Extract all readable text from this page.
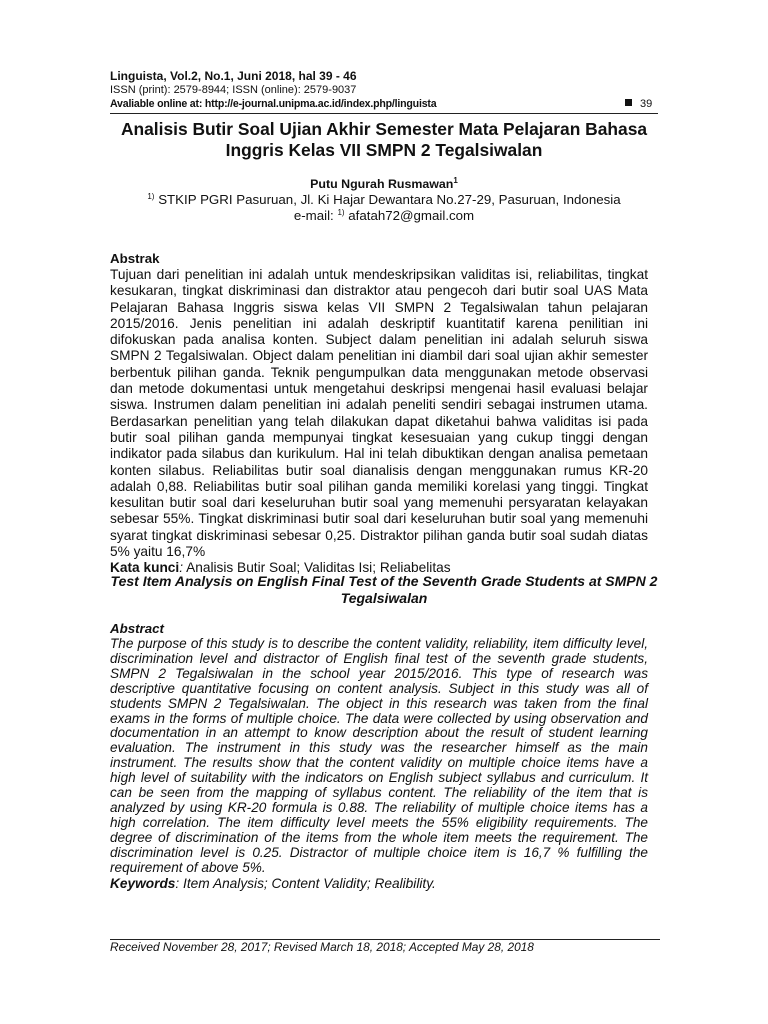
Linguista, Vol.2, No.1, Juni 2018, hal 39 - 46
ISSN (print): 2579-8944; ISSN (online): 2579-9037
Avaliable online at: http://e-journal.unipma.ac.id/index.php/linguista	39
Analisis Butir Soal Ujian Akhir Semester Mata Pelajaran Bahasa Inggris Kelas VII SMPN 2 Tegalsiwalan
Putu Ngurah Rusmawan$^1$
$^{1)}$ STKIP PGRI Pasuruan, Jl. Ki Hajar Dewantara No.27-29, Pasuruan, Indonesia
e-mail: $^{1)}$ afatah72@gmail.com
Abstrak

Tujuan dari penelitian ini adalah untuk mendeskripsikan validitas isi, reliabilitas, tingkat kesukaran, tingkat diskriminasi dan distraktor atau pengecoh dari butir soal UAS Mata Pelajaran Bahasa Inggris siswa kelas VII SMPN 2 Tegalsiwalan tahun pelajaran 2015/2016. Jenis penelitian ini adalah deskriptif kuantitatif karena penilitian ini difokuskan pada analisa konten. Subject dalam penelitian ini adalah seluruh siswa SMPN 2 Tegalsiwalan. Object dalam penelitian ini diambil dari soal ujian akhir semester berbentuk pilihan ganda. Teknik pengumpulkan data menggunakan metode observasi dan metode dokumentasi untuk mengetahui deskripsi mengenai hasil evaluasi belajar siswa. Instrumen dalam penelitian ini adalah peneliti sendiri sebagai instrumen utama. Berdasarkan penelitian yang telah dilakukan dapat diketahui bahwa validitas isi pada butir soal pilihan ganda mempunyai tingkat kesesuaian yang cukup tinggi dengan indikator pada silabus dan kurikulum. Hal ini telah dibuktikan dengan analisa pemetaan konten silabus. Reliabilitas butir soal dianalisis dengan menggunakan rumus KR-20 adalah 0,88. Reliabilitas butir soal pilihan ganda memiliki korelasi yang tinggi. Tingkat kesulitan butir soal dari keseluruhan butir soal yang memenuhi persyaratan kelayakan sebesar 55%. Tingkat diskriminasi butir soal dari keseluruhan butir soal yang memenuhi syarat tingkat diskriminasi sebesar 0,25. Distraktor pilihan ganda butir soal sudah diatas 5% yaitu 16,7%

Kata kunci: Analisis Butir Soal; Validitas Isi; Reliabelitas
Test Item Analysis on English Final Test of the Seventh Grade Students at SMPN 2 Tegalsiwalan
Abstract

The purpose of this study is to describe the content validity, reliability, item difficulty level, discrimination level and distractor of English final test of the seventh grade students, SMPN 2 Tegalsiwalan in the school year 2015/2016. This type of research was descriptive quantitative focusing on content analysis. Subject in this study was all of students SMPN 2 Tegalsiwalan. The object in this research was taken from the final exams in the forms of multiple choice. The data were collected by using observation and documentation in an attempt to know description about the result of student learning evaluation. The instrument in this study was the researcher himself as the main instrument. The results show that the content validity on multiple choice items have a high level of suitability with the indicators on English subject syllabus and curriculum. It can be seen from the mapping of syllabus content. The reliability of the item that is analyzed by using KR-20 formula is 0.88. The reliability of multiple choice items has a high correlation. The item difficulty level meets the 55% eligibility requirements. The degree of discrimination of the items from the whole item meets the requirement. The discrimination level is 0.25. Distractor of multiple choice item is 16,7 % fulfilling the requirement of above 5%.

Keywords: Item Analysis; Content Validity; Realibility.
Received November 28, 2017; Revised March 18, 2018; Accepted May 28, 2018
